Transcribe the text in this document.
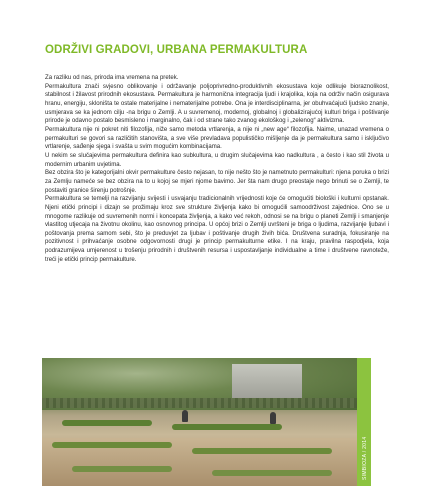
ODRŽIVI GRADOVI, URBANA PERMAKULTURA

Za razliku od nas, priroda ima vremena na pretek.

Permakultura znači svjesno oblikovanje i održavanje poljoprivredno-produktivnih ekosustava koje odlikuje bioraznolikost, stabilnost i žilavost prirodnih ekosustava. Permakultura je harmonična integracija ljudi i krajolika, koja na održiv način osigurava hranu, energiju, skloništa te ostale materijalne i nematerijalne potrebe. Ona je interdisciplinarna, jer obuhvaćajući ljudsko znanje, usmjerava se ka jednom cilju -na brigu o Zemlji. A u suvremenoj, modernoj, globalnoj i globalizirajućoj kulturi briga i poštivanje prirode je odavno postalo besmisleno i marginalno, čak i od strane tako zvanog ekološkog i „zelenog“ aktivizma.

Permakultura nije ni pokret niti filozofija, niže samo metoda vrtlarenja, a nije ni „new age“ filozofija. Naime, unazad vremena o permakulturi se govori sa različitih stanovišta, a sve više prevladava populističko mišljenje da je permakultura samo i isključivo vrtlarenje, sađenje sjega i svašta u svim mogućim kombinacijama.

U nekim se slučajevima permakultura definira kao subkultura, u drugim slučajevima kao nadkultura , a često i kao stil života u modernim urbanim uvjetima.

Bez obzira što je kategorijalni okvir permakulture često nejasan, to nije nešto što je nametnuto permakulturi: njena poruka o brizi za Zemlju nameće se bez obzira na to u kojoj se mjeri njome bavimo. Jer šta nam drugo preostaje nego brinuti se o Zemlji, te postaviti granice širenju potrošnje.

Permakultura se temelji na razvijanju svijesti i usvajanju tradicionalnih vrijednosti koje će omogućiti biološki i kulturni opstanak. Njeni etički principi i dizajn se prožimaju kroz sve strukture življenja kako bi omogućili samoodrživost zajednice. Ono se u mnogome razlikuje od suvremenih normi i koncepata življenja, a kako već rekoh, odnosi se na brigu o planeti Zemlji i smanjenje vlastitog utjecaja na životnu okolinu, kao osnovnog principa. U općoj brizi o Zemlji uvršteni je briga o ljudima, razvijanje ljubavi i poštovanja prema samom sebi, što je preduvjet za ljubav i poštivanje drugih živih bića. Društvena suradnja, fokusiranje na pozitivnost i prihvaćanje osobne odgovornosti drugi je princip permakulturne etike. I na kraju, pravilna raspodjela, koja podrazumijeva umjerenost u trošenju prirodnih i društvenih resursa i uspostavljanje individualne a time i društvene ravnoteže, treći je etički princip permakulture.

SIMBIOZA / 2014
